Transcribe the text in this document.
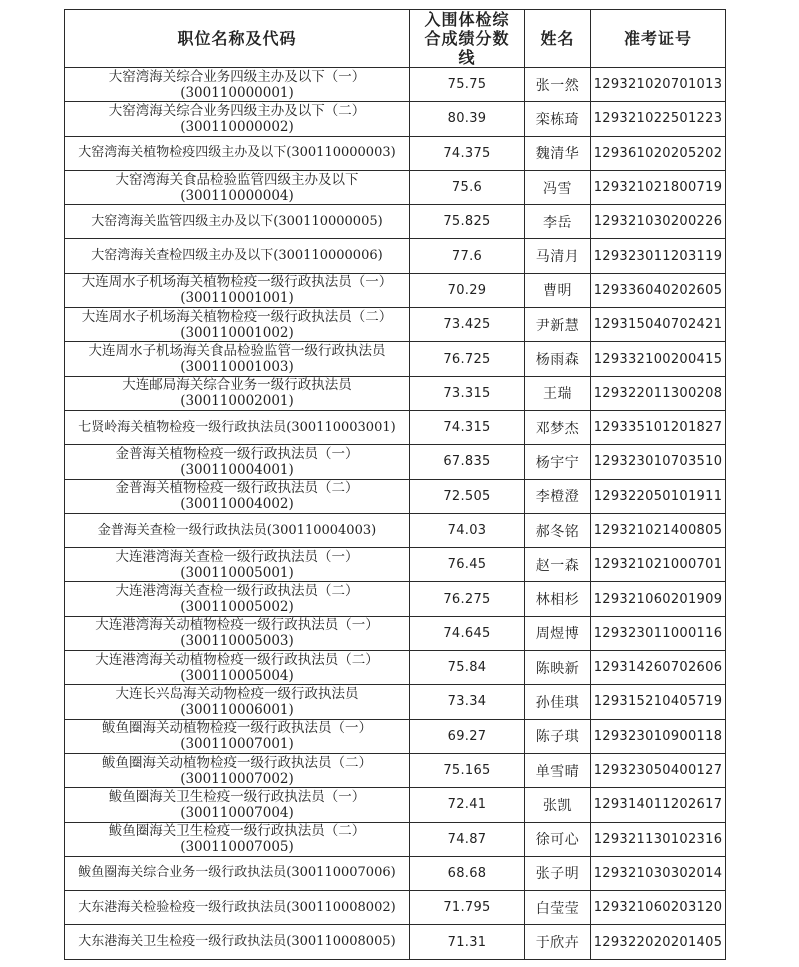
职位名称及代码	入围体检综合成绩分数线	姓名	准考证号
大窑湾海关综合业务四级主办及以下（一）
(300110000001)	75.75	张一然	129321020701013
大窑湾海关综合业务四级主办及以下（二）
(300110000002)	80.39	栾栋琦	129321022501223
大窑湾海关植物检疫四级主办及以下(300110000003)	74.375	魏清华	129361020205202
大窑湾海关食品检验监管四级主办及以下
(300110000004)	75.6	冯雪	129321021800719
大窑湾海关监管四级主办及以下(300110000005)	75.825	李岳	129321030200226
大窑湾海关查检四级主办及以下(300110000006)	77.6	马清月	129323011203119
大连周水子机场海关植物检疫一级行政执法员（一）
(300110001001)	70.29	曹明	129336040202605
大连周水子机场海关植物检疫一级行政执法员（二）
(300110001002)	73.425	尹新慧	129315040702421
大连周水子机场海关食品检验监管一级行政执法员
(300110001003)	76.725	杨雨森	129332100200415
大连邮局海关综合业务一级行政执法员
(300110002001)	73.315	王瑞	129322011300208
七贤岭海关植物检疫一级行政执法员(300110003001)	74.315	邓梦杰	129335101201827
金普海关植物检疫一级行政执法员（一）
(300110004001)	67.835	杨宇宁	129323010703510
金普海关植物检疫一级行政执法员（二）
(300110004002)	72.505	李橙澄	129322050101911
金普海关查检一级行政执法员(300110004003)	74.03	郝冬铭	129321021400805
大连港湾海关查检一级行政执法员（一）
(300110005001)	76.45	赵一森	129321021000701
大连港湾海关查检一级行政执法员（二）
(300110005002)	76.275	林相杉	129321060201909
大连港湾海关动植物检疫一级行政执法员（一）
(300110005003)	74.645	周煜博	129323011000116
大连港湾海关动植物检疫一级行政执法员（二）
(300110005004)	75.84	陈映新	129314260702606
大连长兴岛海关动物检疫一级行政执法员
(300110006001)	73.34	孙佳琪	129315210405719
鲅鱼圈海关动植物检疫一级行政执法员（一）
(300110007001)	69.27	陈子琪	129323010900118
鲅鱼圈海关动植物检疫一级行政执法员（二）
(300110007002)	75.165	单雪晴	129323050400127
鲅鱼圈海关卫生检疫一级行政执法员（一）
(300110007004)	72.41	张凯	129314011202617
鲅鱼圈海关卫生检疫一级行政执法员（二）
(300110007005)	74.87	徐可心	129321130102316
鲅鱼圈海关综合业务一级行政执法员(300110007006)	68.68	张子明	129321030302014
大东港海关检验检疫一级行政执法员(300110008002)	71.795	白莹莹	129321060203120
大东港海关卫生检疫一级行政执法员(300110008005)	71.31	于欣卉	129322020201405
